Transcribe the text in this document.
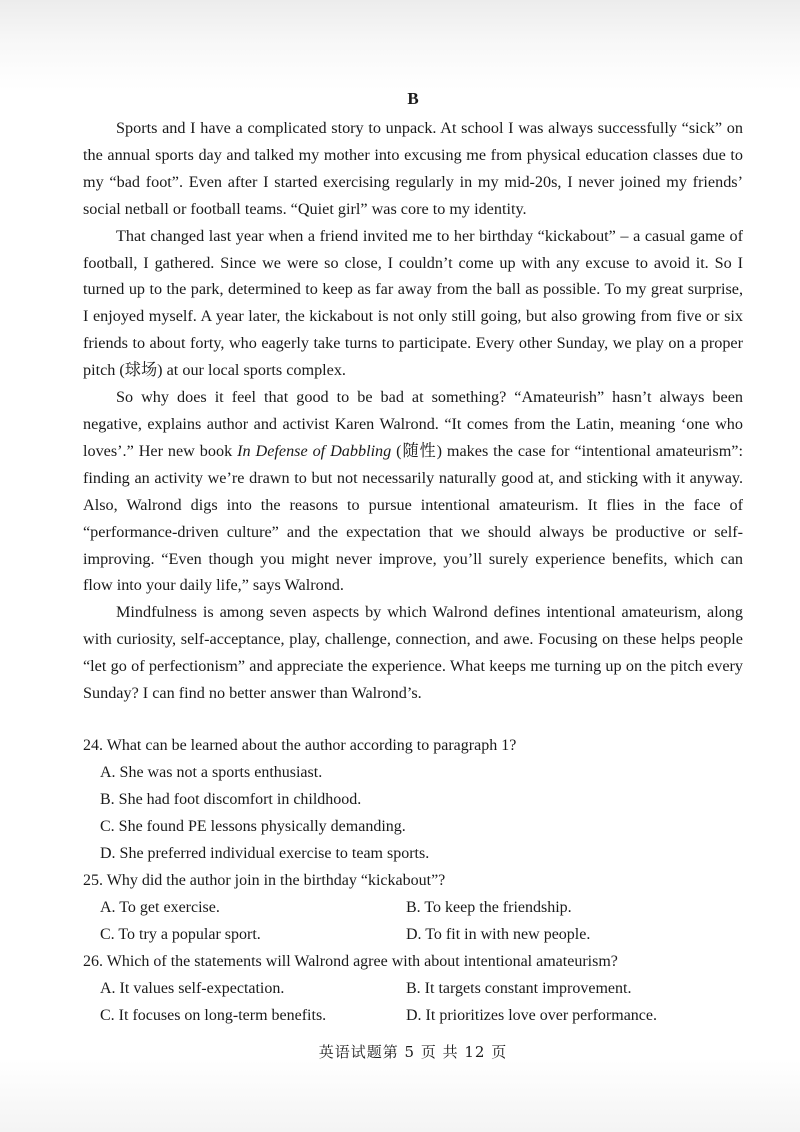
B

Sports and I have a complicated story to unpack. At school I was always successfully “sick” on the annual sports day and talked my mother into excusing me from physical education classes due to my “bad foot”. Even after I started exercising regularly in my mid-20s, I never joined my friends’ social netball or football teams. “Quiet girl” was core to my identity.

That changed last year when a friend invited me to her birthday “kickabout” – a casual game of football, I gathered. Since we were so close, I couldn’t come up with any excuse to avoid it. So I turned up to the park, determined to keep as far away from the ball as possible. To my great surprise, I enjoyed myself. A year later, the kickabout is not only still going, but also growing from five or six friends to about forty, who eagerly take turns to participate. Every other Sunday, we play on a proper pitch (球场) at our local sports complex.

So why does it feel that good to be bad at something? “Amateurish” hasn’t always been negative, explains author and activist Karen Walrond. “It comes from the Latin, meaning ‘one who loves’.” Her new book In Defense of Dabbling (随性) makes the case for “intentional amateurism”: finding an activity we’re drawn to but not necessarily naturally good at, and sticking with it anyway. Also, Walrond digs into the reasons to pursue intentional amateurism. It flies in the face of “performance-driven culture” and the expectation that we should always be productive or self-improving. “Even though you might never improve, you’ll surely experience benefits, which can flow into your daily life,” says Walrond.

Mindfulness is among seven aspects by which Walrond defines intentional amateurism, along with curiosity, self-acceptance, play, challenge, connection, and awe. Focusing on these helps people “let go of perfectionism” and appreciate the experience. What keeps me turning up on the pitch every Sunday? I can find no better answer than Walrond’s.

24. What can be learned about the author according to paragraph 1?
A. She was not a sports enthusiast.
B. She had foot discomfort in childhood.
C. She found PE lessons physically demanding.
D. She preferred individual exercise to team sports.
25. Why did the author join in the birthday “kickabout”?
A. To get exercise.	B. To keep the friendship.
C. To try a popular sport.	D. To fit in with new people.
26. Which of the statements will Walrond agree with about intentional amateurism?
A. It values self-expectation.	B. It targets constant improvement.
C. It focuses on long-term benefits.	D. It prioritizes love over performance.
英语试题第 5 页 共 12 页
